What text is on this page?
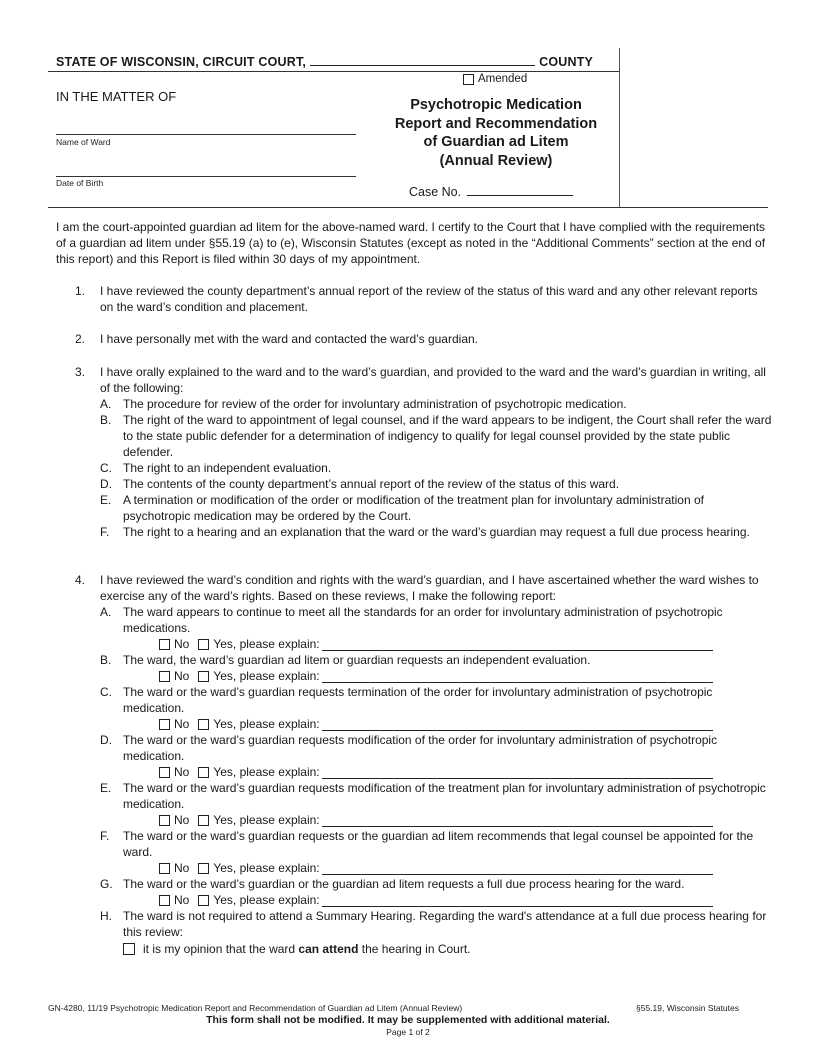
STATE OF WISCONSIN, CIRCUIT COURT,	COUNTY
IN THE MATTER OF
Name of Ward
Date of Birth
Amended
Psychotropic Medication
Report and Recommendation
of Guardian ad Litem
(Annual Review)
Case No.
I am the court-appointed guardian ad litem for the above-named ward. I certify to the Court that I have complied with the requirements of a guardian ad litem under §55.19 (a) to (e), Wisconsin Statutes (except as noted in the “Additional Comments” section at the end of this report) and this Report is filed within 30 days of my appointment.
1. I have reviewed the county department’s annual report of the review of the status of this ward and any other relevant reports on the ward’s condition and placement.
2. I have personally met with the ward and contacted the ward’s guardian.
3. I have orally explained to the ward and to the ward’s guardian, and provided to the ward and the ward’s guardian in writing, all of the following:
A. The procedure for review of the order for involuntary administration of psychotropic medication.
B. The right of the ward to appointment of legal counsel, and if the ward appears to be indigent, the Court shall refer the ward to the state public defender for a determination of indigency to qualify for legal counsel provided by the state public defender.
C. The right to an independent evaluation.
D. The contents of the county department’s annual report of the review of the status of this ward.
E. A termination or modification of the order or modification of the treatment plan for involuntary administration of psychotropic medication may be ordered by the Court.
F. The right to a hearing and an explanation that the ward or the ward’s guardian may request a full due process hearing.
4. I have reviewed the ward’s condition and rights with the ward’s guardian, and I have ascertained whether the ward wishes to exercise any of the ward’s rights. Based on these reviews, I make the following report:
A. The ward appears to continue to meet all the standards for an order for involuntary administration of psychotropic medications.
No Yes, please explain:
B. The ward, the ward’s guardian ad litem or guardian requests an independent evaluation.
No Yes, please explain:
C. The ward or the ward’s guardian requests termination of the order for involuntary administration of psychotropic medication.
No Yes, please explain:
D. The ward or the ward’s guardian requests modification of the order for involuntary administration of psychotropic medication.
No Yes, please explain:
E. The ward or the ward’s guardian requests modification of the treatment plan for involuntary administration of psychotropic medication.
No Yes, please explain:
F. The ward or the ward’s guardian requests or the guardian ad litem recommends that legal counsel be appointed for the ward.
No Yes, please explain:
G. The ward or the ward’s guardian or the guardian ad litem requests a full due process hearing for the ward.
No Yes, please explain:
H. The ward is not required to attend a Summary Hearing. Regarding the ward's attendance at a full due process hearing for this review:
it is my opinion that the ward can attend the hearing in Court.
GN-4280, 11/19 Psychotropic Medication Report and Recommendation of Guardian ad Litem (Annual Review)	§55.19, Wisconsin Statutes
This form shall not be modified. It may be supplemented with additional material.
Page 1 of 2
